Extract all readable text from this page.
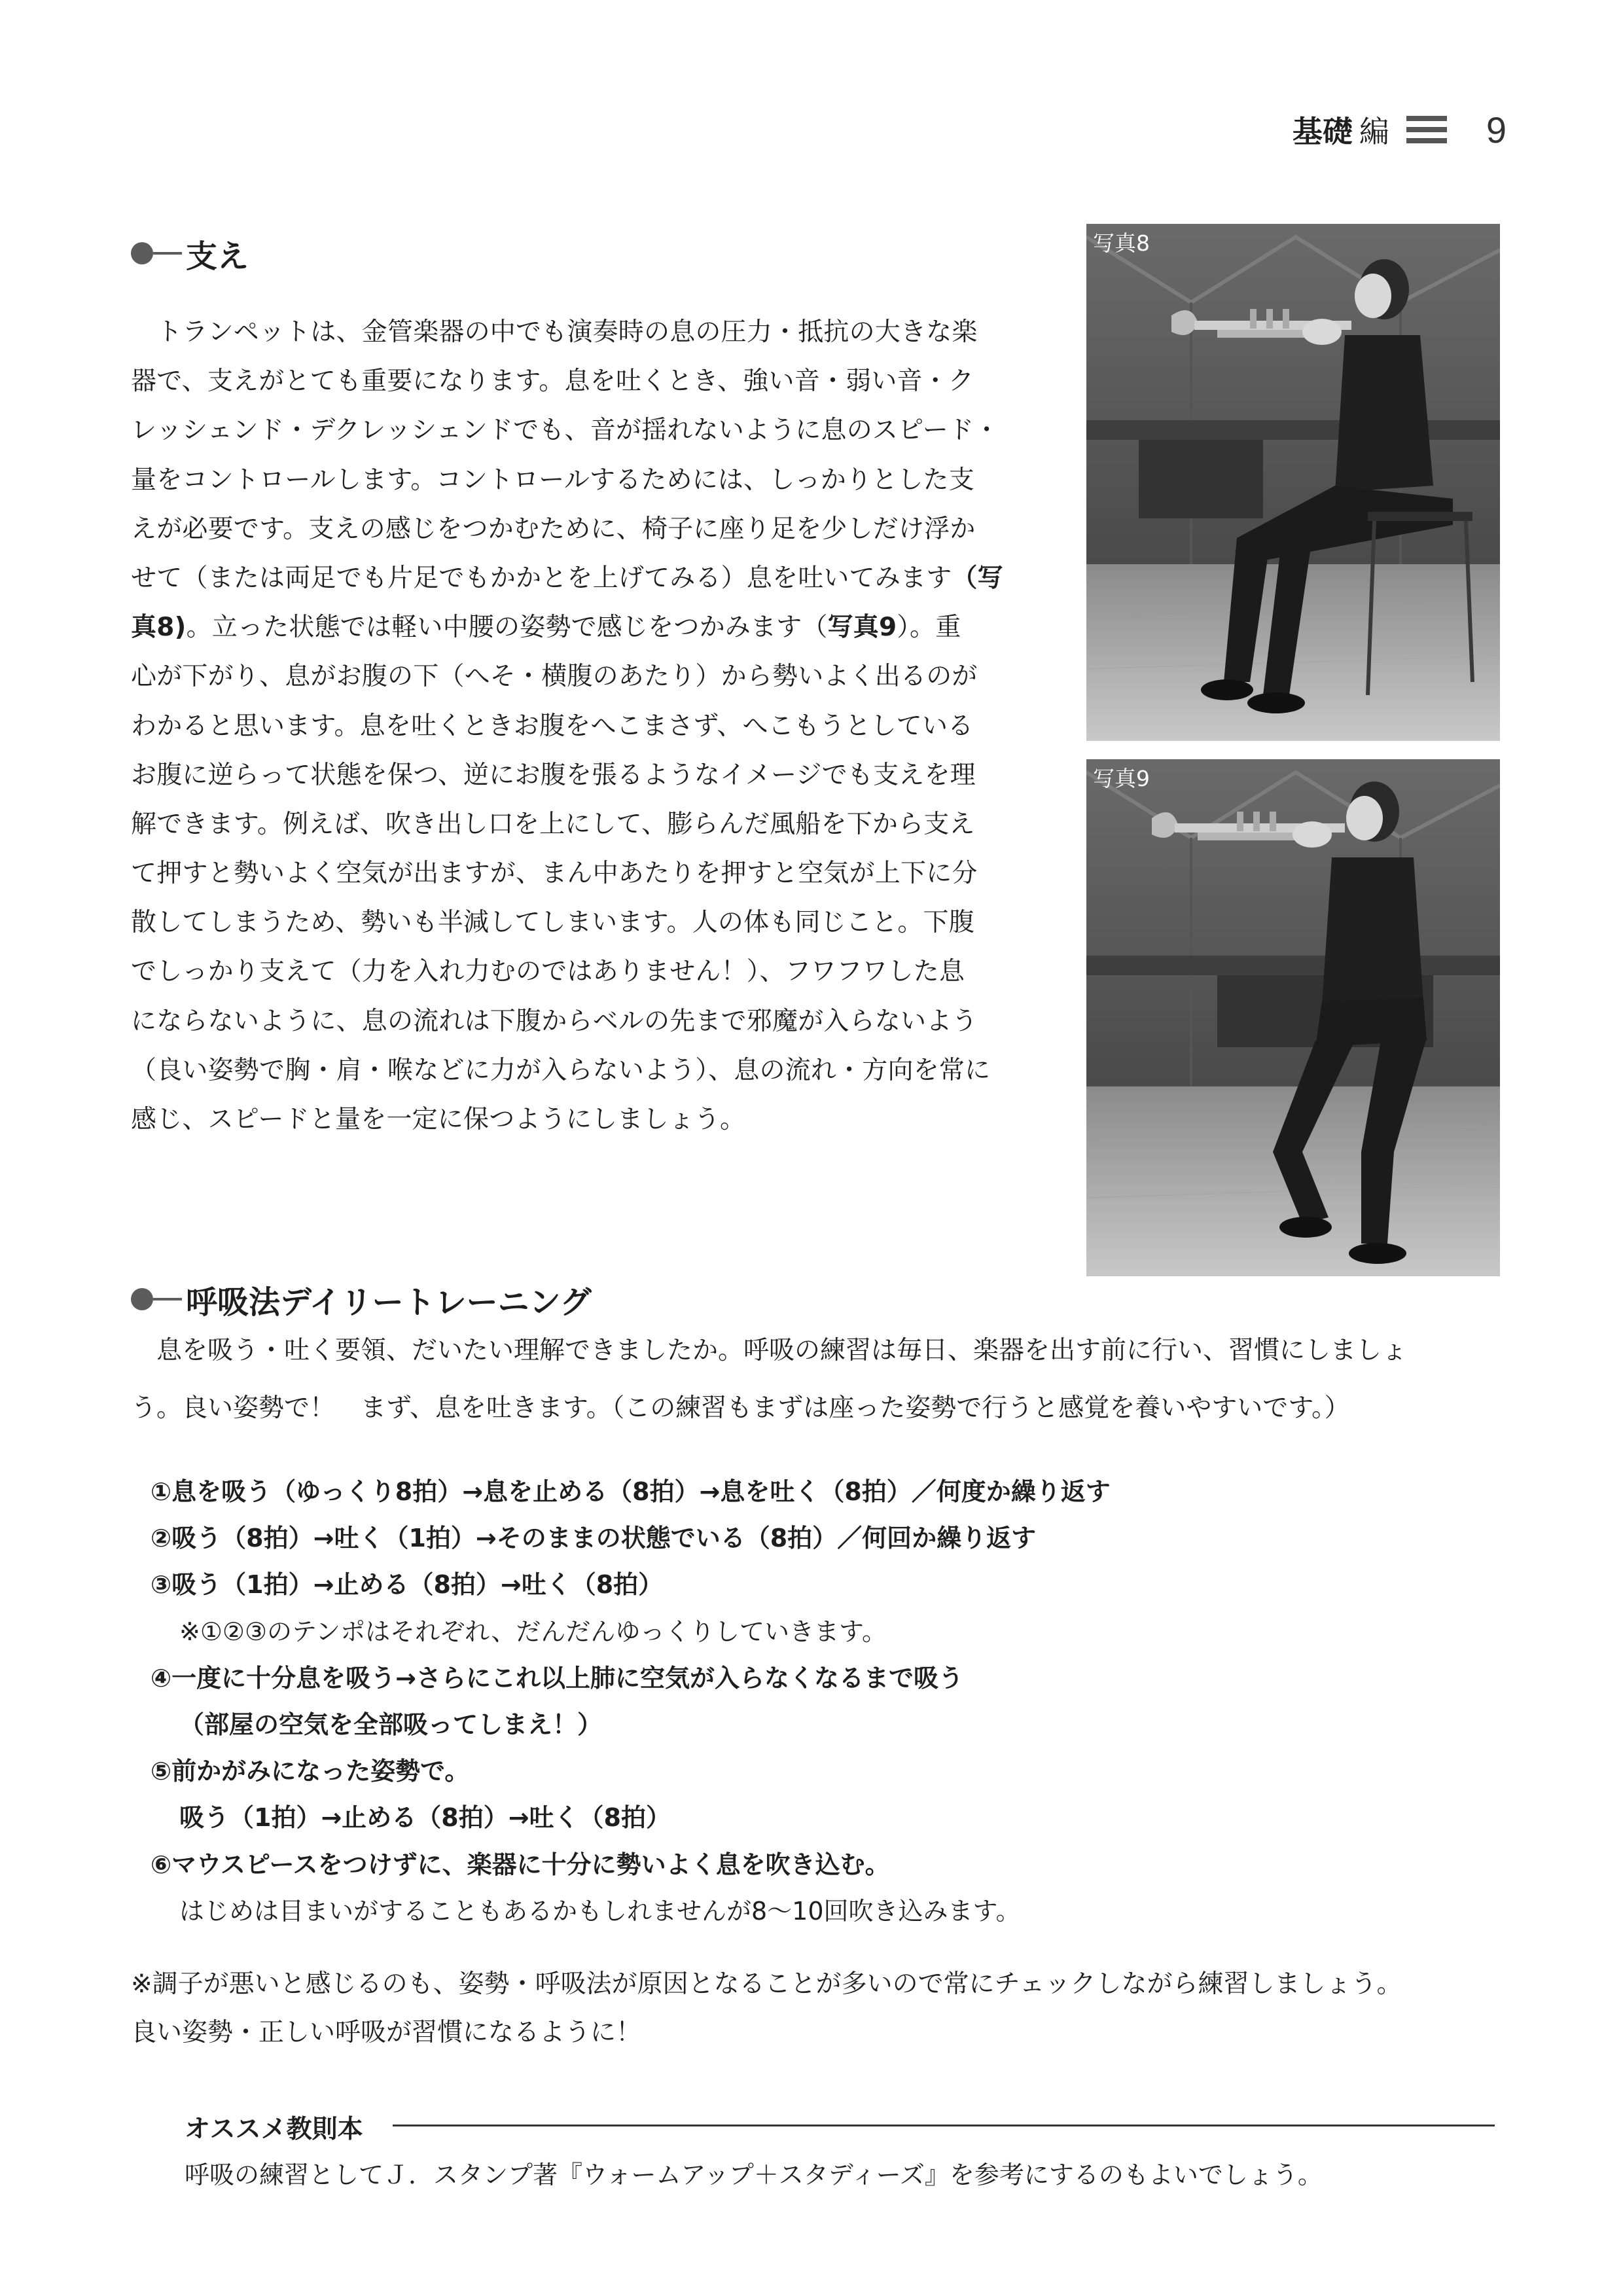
基礎 編	9
支え
　トランペットは、金管楽器の中でも演奏時の息の圧力・抵抗の大きな楽
器で、支えがとても重要になります。息を吐くとき、強い音・弱い音・ク
レッシェンド・デクレッシェンドでも、音が揺れないように息のスピード・
量をコントロールします。コントロールするためには、しっかりとした支
えが必要です。支えの感じをつかむために、椅子に座り足を少しだけ浮か
せて（または両足でも片足でもかかとを上げてみる）息を吐いてみます（写
真8)。立った状態では軽い中腰の姿勢で感じをつかみます（写真9）。重
心が下がり、息がお腹の下（へそ・横腹のあたり）から勢いよく出るのが
わかると思います。息を吐くときお腹をへこまさず、へこもうとしている
お腹に逆らって状態を保つ、逆にお腹を張るようなイメージでも支えを理
解できます。例えば、吹き出し口を上にして、膨らんだ風船を下から支え
て押すと勢いよく空気が出ますが、まん中あたりを押すと空気が上下に分
散してしまうため、勢いも半減してしまいます。人の体も同じこと。下腹
でしっかり支えて（力を入れ力むのではありません！）、フワフワした息
にならないように、息の流れは下腹からベルの先まで邪魔が入らないよう
（良い姿勢で胸・肩・喉などに力が入らないよう）、息の流れ・方向を常に
感じ、スピードと量を一定に保つようにしましょう。
写真8
写真9
呼吸法デイリートレーニング
　息を吸う・吐く要領、だいたい理解できましたか。呼吸の練習は毎日、楽器を出す前に行い、習慣にしましょ
う。良い姿勢で！　まず、息を吐きます。（この練習もまずは座った姿勢で行うと感覚を養いやすいです。）
①息を吸う（ゆっくり8拍）→息を止める（8拍）→息を吐く（8拍）／何度か繰り返す
②吸う（8拍）→吐く（1拍）→そのままの状態でいる（8拍）／何回か繰り返す
③吸う（1拍）→止める（8拍）→吐く（8拍）
※①②③のテンポはそれぞれ、だんだんゆっくりしていきます。
④一度に十分息を吸う→さらにこれ以上肺に空気が入らなくなるまで吸う
（部屋の空気を全部吸ってしまえ！）
⑤前かがみになった姿勢で。
吸う（1拍）→止める（8拍）→吐く（8拍）
⑥マウスピースをつけずに、楽器に十分に勢いよく息を吹き込む。
はじめは目まいがすることもあるかもしれませんが8～10回吹き込みます。
※調子が悪いと感じるのも、姿勢・呼吸法が原因となることが多いので常にチェックしながら練習しましょう。
良い姿勢・正しい呼吸が習慣になるように！
オススメ教則本
呼吸の練習としてＪ．スタンプ著『ウォームアップ＋スタディーズ』を参考にするのもよいでしょう。
